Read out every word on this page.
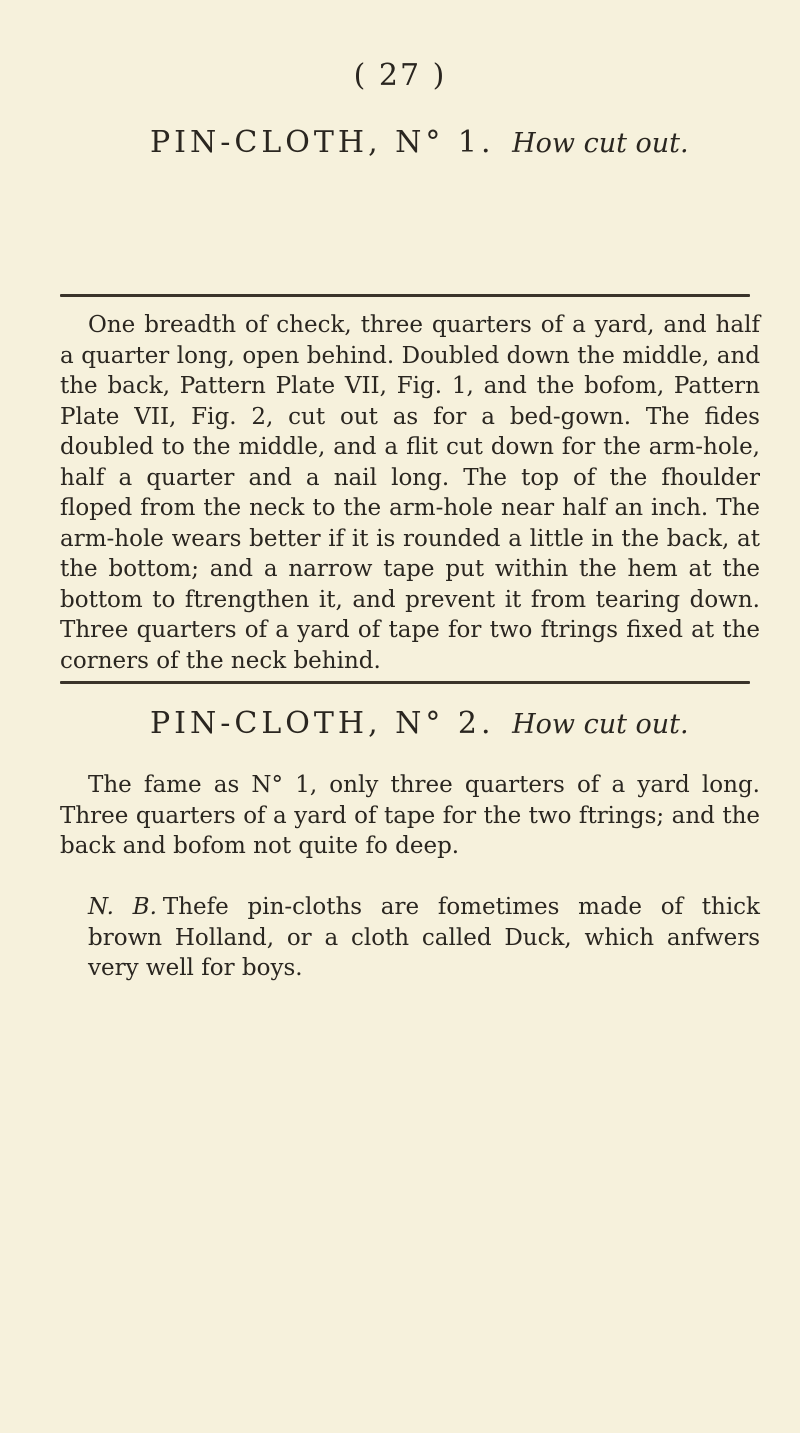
( 27 )
PIN-CLOTH, N° 1. How cut out.
One breadth of check, three quarters of a yard, and half a quarter long, open behind. Doubled down the middle, and the back, Pattern Plate VII, Fig. 1, and the bofom, Pattern Plate VII, Fig. 2, cut out as for a bed-gown. The fides doubled to the middle, and a flit cut down for the arm-hole, half a quarter and a nail long. The top of the fhoulder floped from the neck to the arm-hole near half an inch. The arm-hole wears better if it is rounded a little in the back, at the bottom; and a narrow tape put within the hem at the bottom to ftrengthen it, and prevent it from tearing down. Three quarters of a yard of tape for two ftrings fixed at the corners of the neck behind.
PIN-CLOTH, N° 2. How cut out.
The fame as N° 1, only three quarters of a yard long. Three quarters of a yard of tape for the two ftrings; and the back and bofom not quite fo deep.
N. B. Thefe pin-cloths are fometimes made of thick brown Holland, or a cloth called Duck, which anfwers very well for boys.
